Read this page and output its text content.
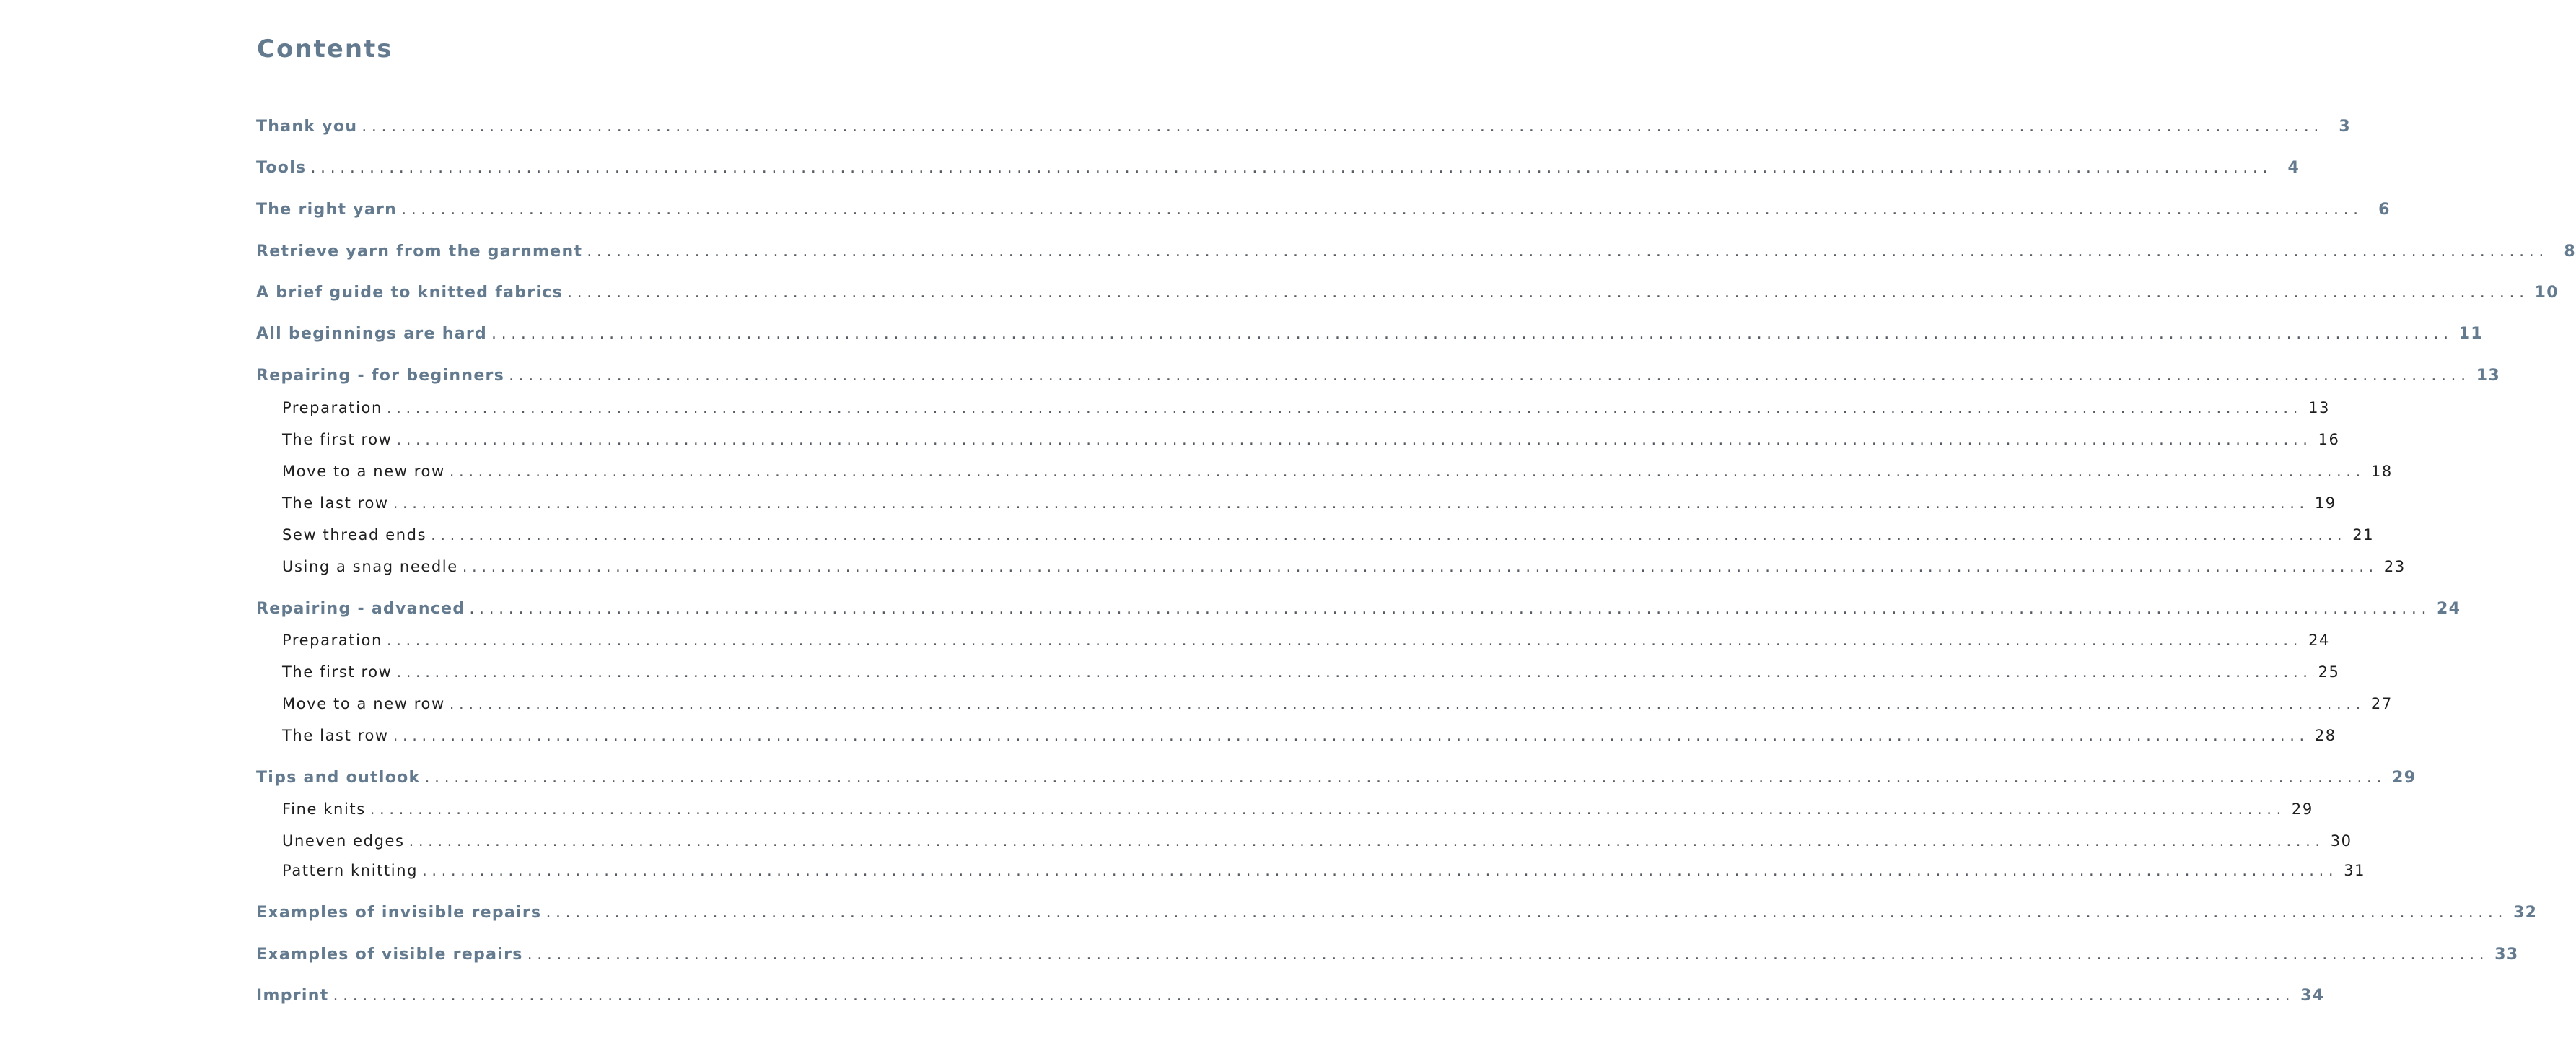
Contents
Thank you ........................................................................................................................................................................................................ 3
Tools ........................................................................................................................................................................................................ 4
The right yarn ........................................................................................................................................................................................................ 6
Retrieve yarn from the garnment ........................................................................................................................................................................................................ 8
A brief guide to knitted fabrics ........................................................................................................................................................................................................ 10
All beginnings are hard ........................................................................................................................................................................................................ 11
Repairing - for beginners ........................................................................................................................................................................................................ 13
Preparation ........................................................................................................................................................................................................ 13
The first row ........................................................................................................................................................................................................ 16
Move to a new row ........................................................................................................................................................................................................ 18
The last row ........................................................................................................................................................................................................ 19
Sew thread ends ........................................................................................................................................................................................................ 21
Using a snag needle ........................................................................................................................................................................................................ 23
Repairing - advanced ........................................................................................................................................................................................................ 24
Preparation ........................................................................................................................................................................................................ 24
The first row ........................................................................................................................................................................................................ 25
Move to a new row ........................................................................................................................................................................................................ 27
The last row ........................................................................................................................................................................................................ 28
Tips and outlook ........................................................................................................................................................................................................ 29
Fine knits ........................................................................................................................................................................................................ 29
Uneven edges ........................................................................................................................................................................................................ 30
Pattern knitting ........................................................................................................................................................................................................ 31
Examples of invisible repairs ........................................................................................................................................................................................................ 32
Examples of visible repairs ........................................................................................................................................................................................................ 33
Imprint ........................................................................................................................................................................................................ 34
